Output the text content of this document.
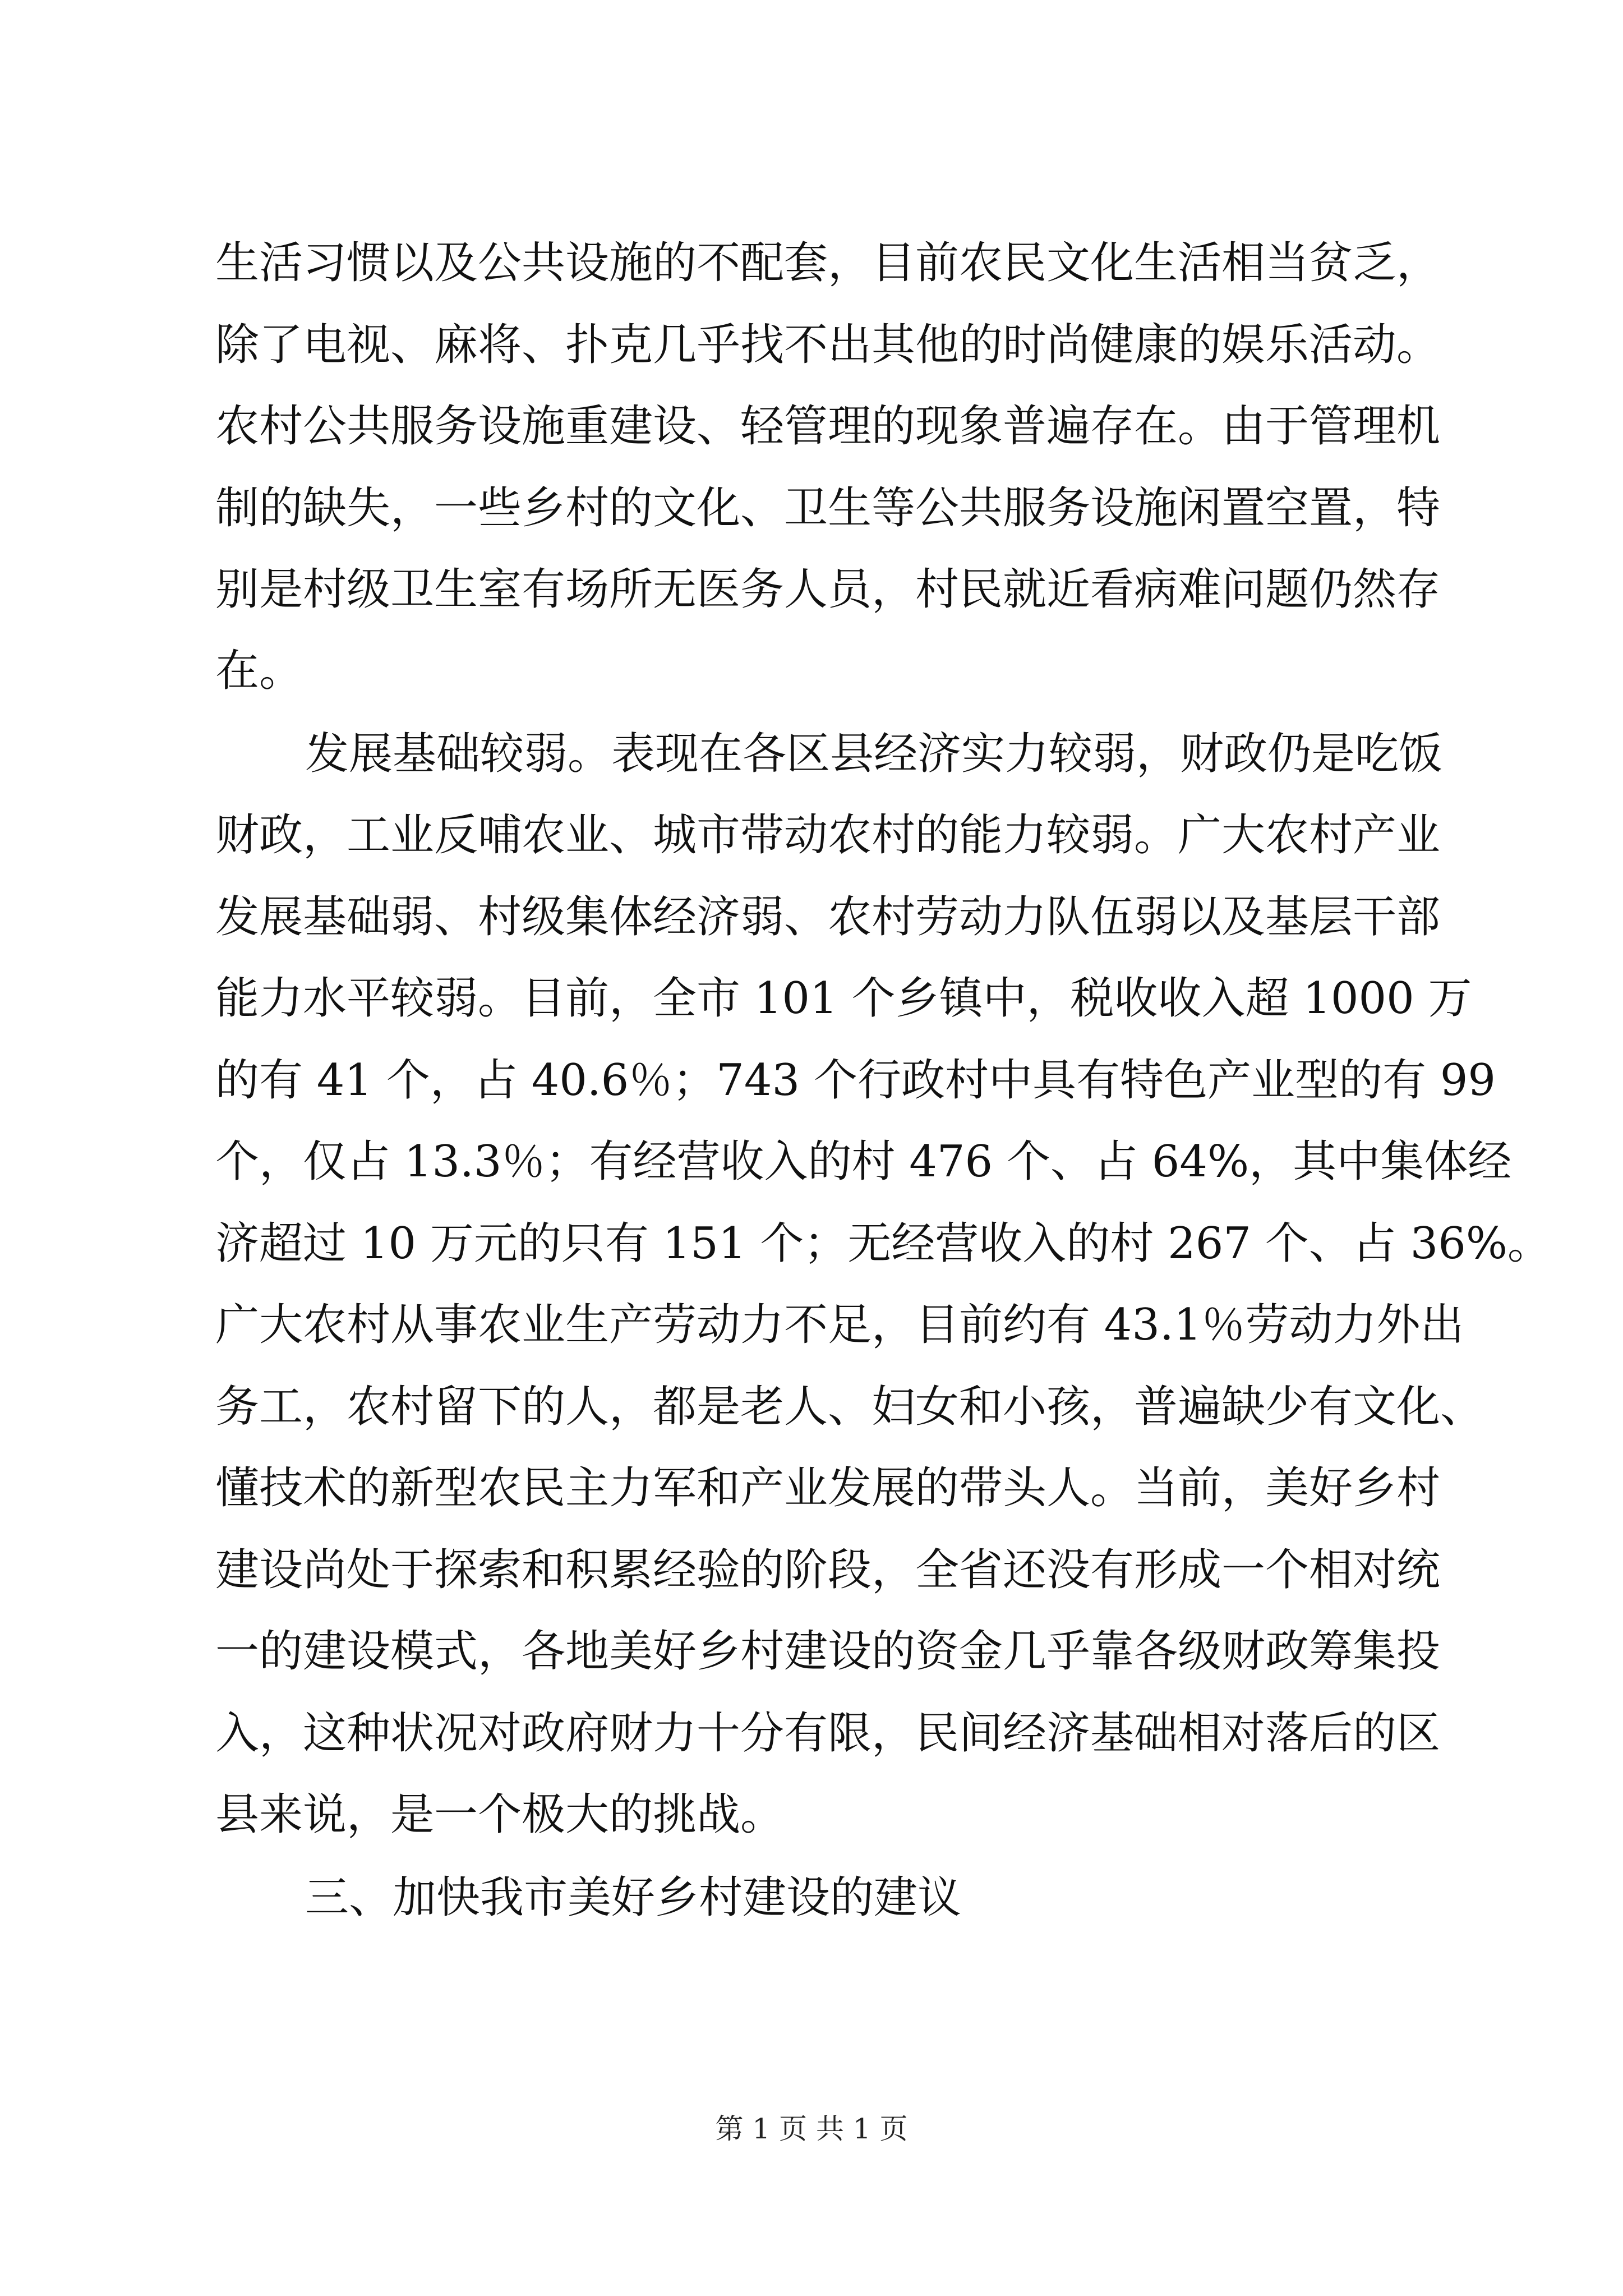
生活习惯以及公共设施的不配套，目前农民文化生活相当贫乏，
除了电视、麻将、扑克几乎找不出其他的时尚健康的娱乐活动。
农村公共服务设施重建设、轻管理的现象普遍存在。由于管理机
制的缺失，一些乡村的文化、卫生等公共服务设施闲置空置，特
别是村级卫生室有场所无医务人员，村民就近看病难问题仍然存
在。
发展基础较弱。表现在各区县经济实力较弱，财政仍是吃饭
财政，工业反哺农业、城市带动农村的能力较弱。广大农村产业
发展基础弱、村级集体经济弱、农村劳动力队伍弱以及基层干部
能力水平较弱。目前，全市 101 个乡镇中，税收收入超 1000 万
的有 41 个，占 40.6％；743 个行政村中具有特色产业型的有 99
个，仅占 13.3％；有经营收入的村 476 个、占 64%，其中集体经
济超过 10 万元的只有 151 个；无经营收入的村 267 个、占 36%。
广大农村从事农业生产劳动力不足，目前约有 43.1％劳动力外出
务工，农村留下的人，都是老人、妇女和小孩，普遍缺少有文化、
懂技术的新型农民主力军和产业发展的带头人。当前，美好乡村
建设尚处于探索和积累经验的阶段，全省还没有形成一个相对统
一的建设模式，各地美好乡村建设的资金几乎靠各级财政筹集投
入，这种状况对政府财力十分有限，民间经济基础相对落后的区
县来说，是一个极大的挑战。
三、加快我市美好乡村建设的建议
第 1 页 共 1 页
